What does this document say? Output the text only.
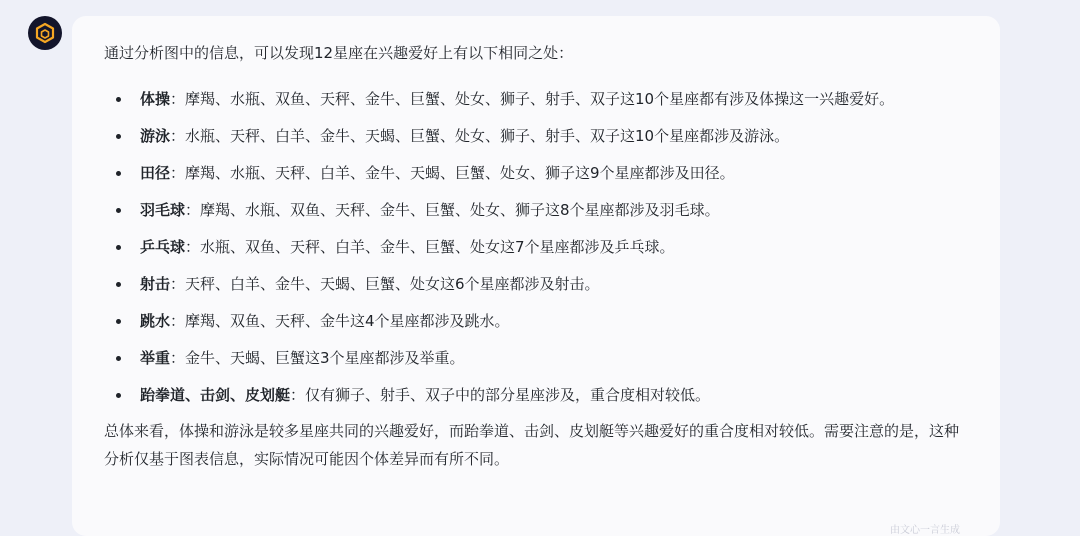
通过分析图中的信息，可以发现12星座在兴趣爱好上有以下相同之处：

体操：摩羯、水瓶、双鱼、天秤、金牛、巨蟹、处女、狮子、射手、双子这10个星座都有涉及体操这一兴趣爱好。
游泳：水瓶、天秤、白羊、金牛、天蝎、巨蟹、处女、狮子、射手、双子这10个星座都涉及游泳。
田径：摩羯、水瓶、天秤、白羊、金牛、天蝎、巨蟹、处女、狮子这9个星座都涉及田径。
羽毛球：摩羯、水瓶、双鱼、天秤、金牛、巨蟹、处女、狮子这8个星座都涉及羽毛球。
乒乓球：水瓶、双鱼、天秤、白羊、金牛、巨蟹、处女这7个星座都涉及乒乓球。
射击：天秤、白羊、金牛、天蝎、巨蟹、处女这6个星座都涉及射击。
跳水：摩羯、双鱼、天秤、金牛这4个星座都涉及跳水。
举重：金牛、天蝎、巨蟹这3个星座都涉及举重。
跆拳道、击剑、皮划艇：仅有狮子、射手、双子中的部分星座涉及，重合度相对较低。

总体来看，体操和游泳是较多星座共同的兴趣爱好，而跆拳道、击剑、皮划艇等兴趣爱好的重合度相对较低。需要注意的是，这种分析仅基于图表信息，实际情况可能因个体差异而有所不同。

由文心一言生成
